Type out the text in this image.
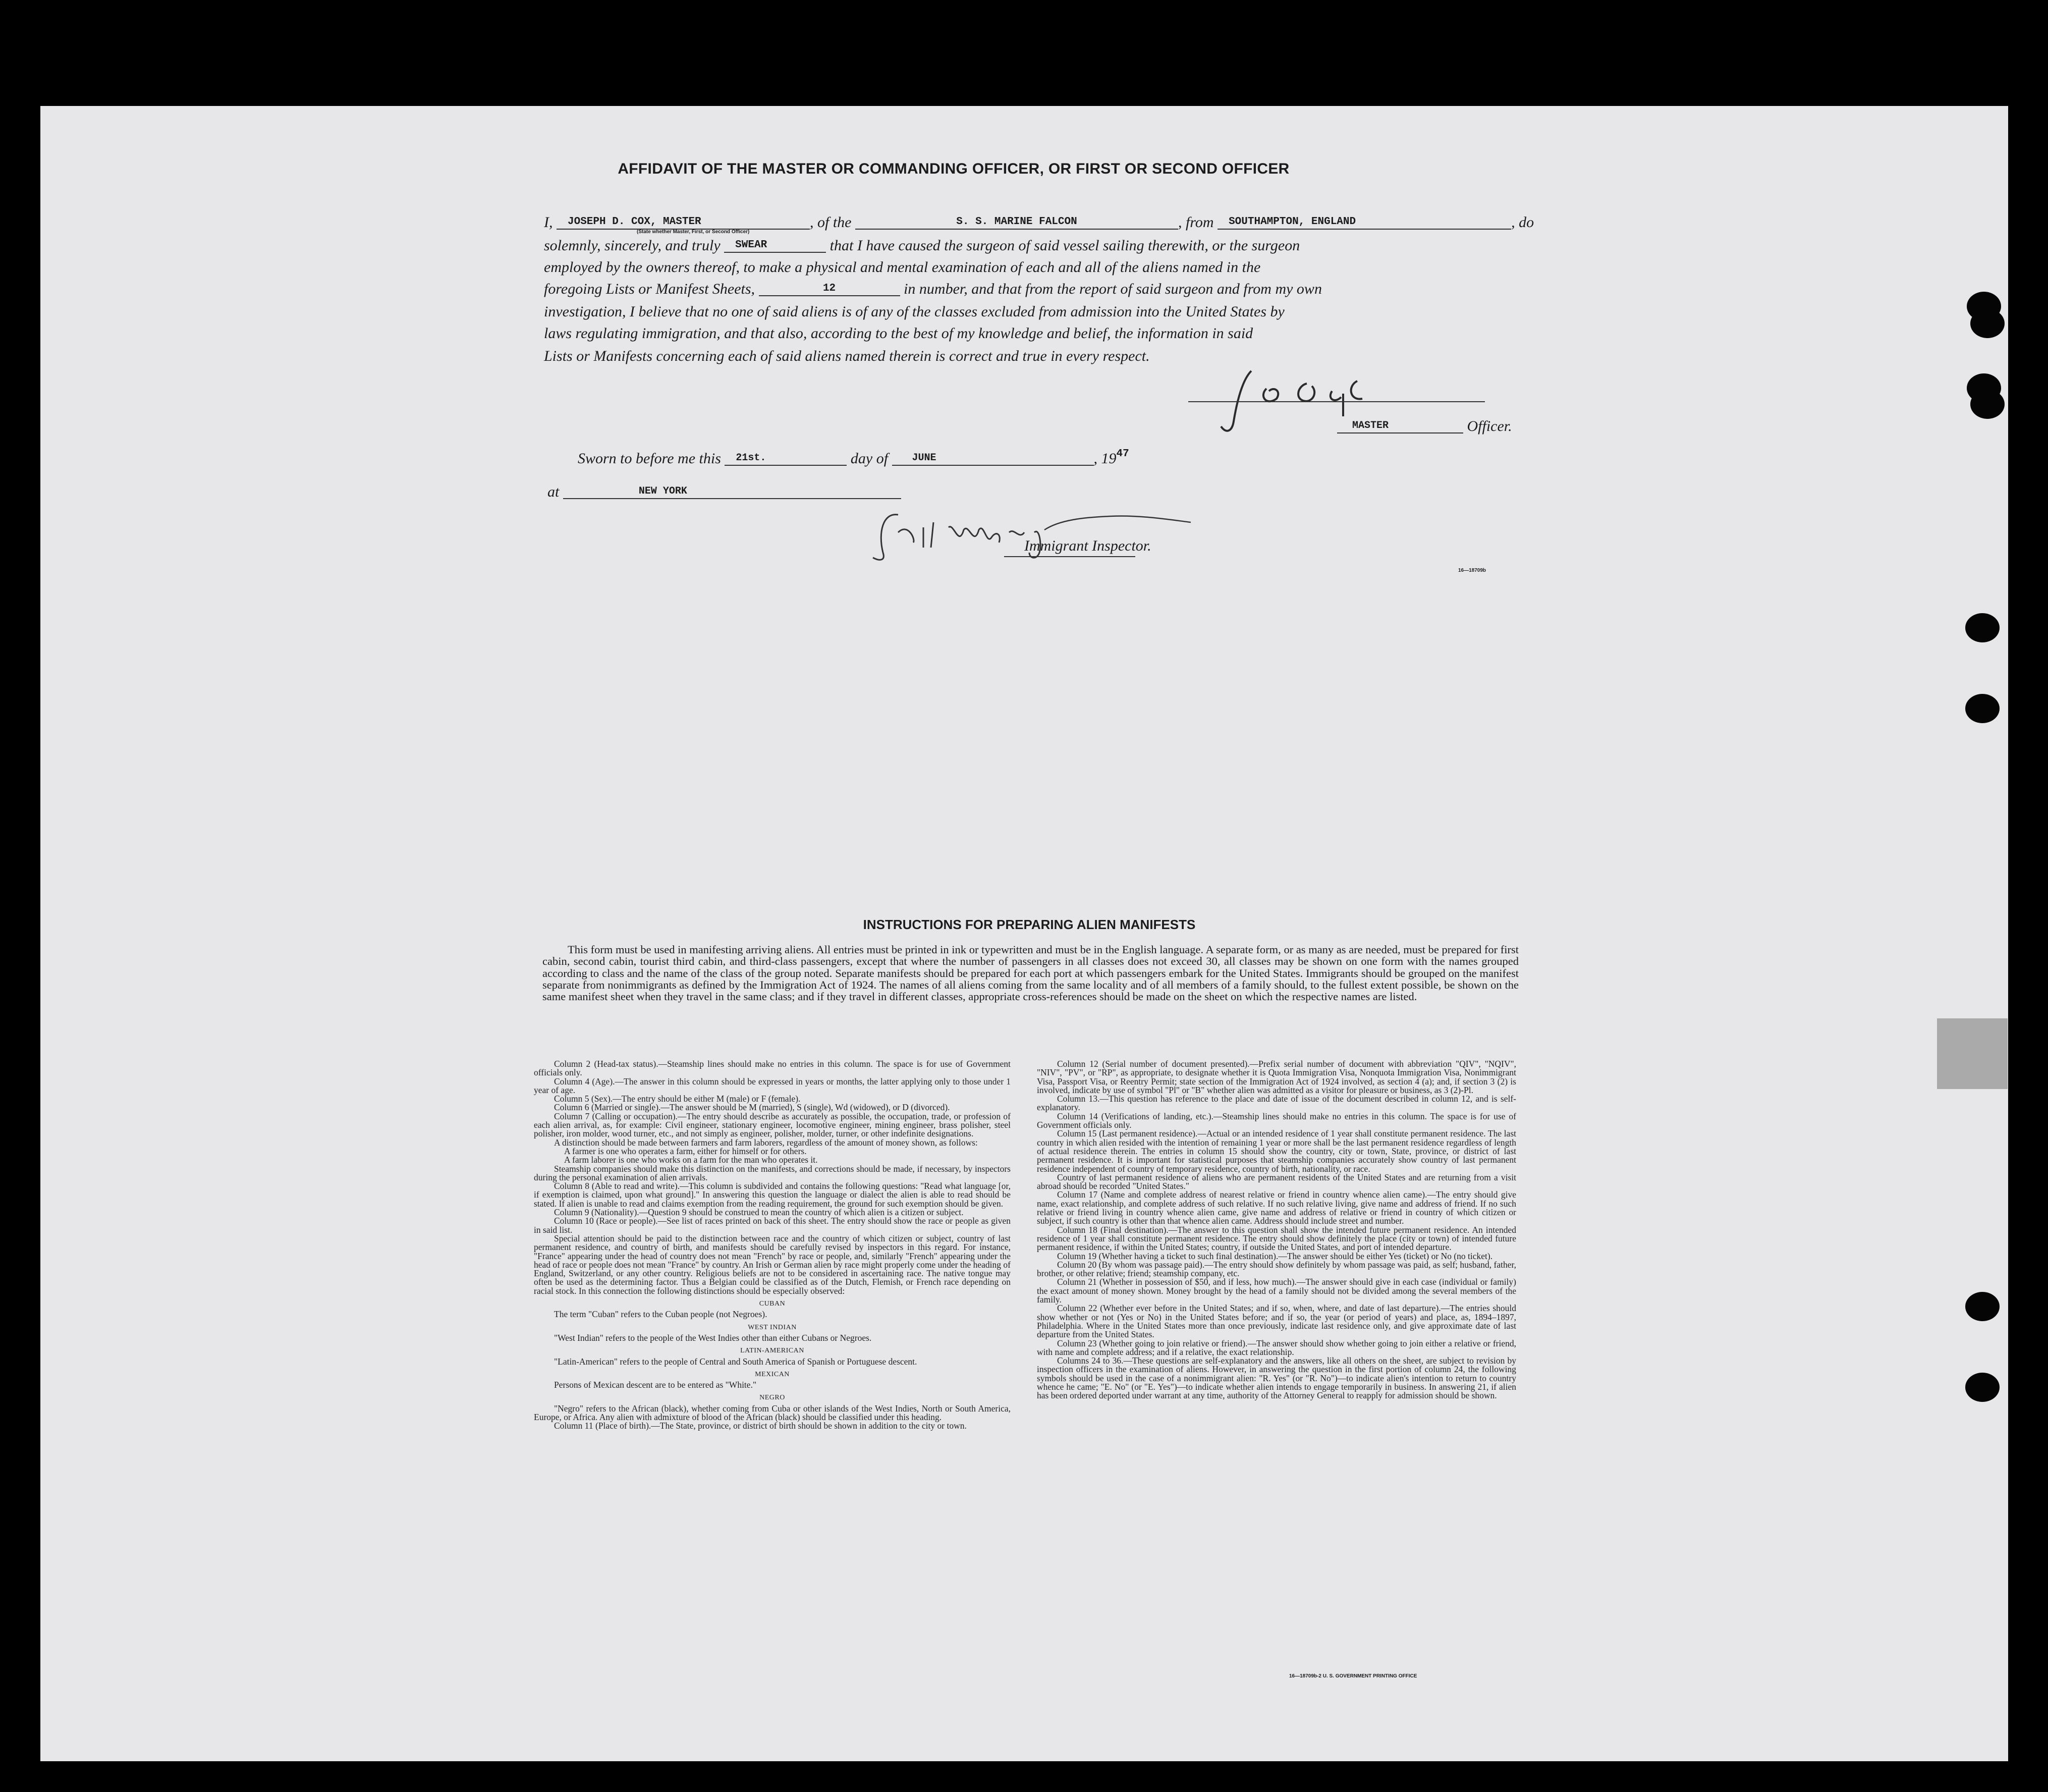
AFFIDAVIT OF THE MASTER OR COMMANDING OFFICER, OR FIRST OR SECOND OFFICER
I, JOSEPH D. COX, MASTER	, of the	S. S. MARINE FALCON	, from SOUTHAMPTON, ENGLAND	, do
(State whether Master, First, or Second Officer)
solemnly, sincerely, and truly SWEAR	that I have caused the surgeon of said vessel sailing therewith, or the surgeon
employed by the owners thereof, to make a physical and mental examination of each and all of the aliens named in the
foregoing Lists or Manifest Sheets,	12	in number, and that from the report of said surgeon and from my own
investigation, I believe that no one of said aliens is of any of the classes excluded from admission into the United States by
laws regulating immigration, and that also, according to the best of my knowledge and belief, the information in said
Lists or Manifests concerning each of said aliens named therein is correct and true in every respect.
MASTER	Officer.
Sworn to before me this 21st.	day of JUNE	, $19^{47}$
at	NEW YORK
Immigrant Inspector.
16—18709b
INSTRUCTIONS FOR PREPARING ALIEN MANIFESTS
This form must be used in manifesting arriving aliens. All entries must be printed in ink or typewritten and must be in the English language. A separate form, or as many as are needed, must be prepared for first cabin, second cabin, tourist third cabin, and third-class passengers, except that where the number of passengers in all classes does not exceed 30, all classes may be shown on one form with the names grouped according to class and the name of the class of the group noted. Separate manifests should be prepared for each port at which passengers embark for the United States. Immigrants should be grouped on the manifest separate from nonimmigrants as defined by the Immigration Act of 1924. The names of all aliens coming from the same locality and of all members of a family should, to the fullest extent possible, be shown on the same manifest sheet when they travel in the same class; and if they travel in different classes, appropriate cross-references should be made on the sheet on which the respective names are listed.

Column 2 (Head-tax status).—Steamship lines should make no entries in this column. The space is for use of Government officials only.

Column 4 (Age).—The answer in this column should be expressed in years or months, the latter applying only to those under 1 year of age.

Column 5 (Sex).—The entry should be either M (male) or F (female).

Column 6 (Married or single).—The answer should be M (married), S (single), Wd (widowed), or D (divorced).

Column 7 (Calling or occupation).—The entry should describe as accurately as possible, the occupation, trade, or profession of each alien arrival, as, for example: Civil engineer, stationary engineer, locomotive engineer, mining engineer, brass polisher, steel polisher, iron molder, wood turner, etc., and not simply as engineer, polisher, molder, turner, or other indefinite designations.

A distinction should be made between farmers and farm laborers, regardless of the amount of money shown, as follows:

A farmer is one who operates a farm, either for himself or for others.

A farm laborer is one who works on a farm for the man who operates it.

Steamship companies should make this distinction on the manifests, and corrections should be made, if necessary, by inspectors during the personal examination of alien arrivals.

Column 8 (Able to read and write).—This column is subdivided and contains the following questions: "Read what language [or, if exemption is claimed, upon what ground]." In answering this question the language or dialect the alien is able to read should be stated. If alien is unable to read and claims exemption from the reading requirement, the ground for such exemption should be given.

Column 9 (Nationality).—Question 9 should be construed to mean the country of which alien is a citizen or subject.

Column 10 (Race or people).—See list of races printed on back of this sheet. The entry should show the race or people as given in said list.

Special attention should be paid to the distinction between race and the country of which citizen or subject, country of last permanent residence, and country of birth, and manifests should be carefully revised by inspectors in this regard. For instance, "France" appearing under the head of country does not mean "French" by race or people, and, similarly "French" appearing under the head of race or people does not mean "France" by country. An Irish or German alien by race might properly come under the heading of England, Switzerland, or any other country. Religious beliefs are not to be considered in ascertaining race. The native tongue may often be used as the determining factor. Thus a Belgian could be classified as of the Dutch, Flemish, or French race depending on racial stock. In this connection the following distinctions should be especially observed:

CUBAN

The term "Cuban" refers to the Cuban people (not Negroes).

WEST INDIAN

"West Indian" refers to the people of the West Indies other than either Cubans or Negroes.

LATIN-AMERICAN

"Latin-American" refers to the people of Central and South America of Spanish or Portuguese descent.

MEXICAN

Persons of Mexican descent are to be entered as "White."

NEGRO

"Negro" refers to the African (black), whether coming from Cuba or other islands of the West Indies, North or South America, Europe, or Africa. Any alien with admixture of blood of the African (black) should be classified under this heading.

Column 11 (Place of birth).—The State, province, or district of birth should be shown in addition to the city or town.

Column 12 (Serial number of document presented).—Prefix serial number of document with abbreviation "QIV", "NQIV", "NIV", "PV", or "RP", as appropriate, to designate whether it is Quota Immigration Visa, Nonquota Immigration Visa, Nonimmigrant Visa, Passport Visa, or Reentry Permit; state section of the Immigration Act of 1924 involved, as section 4 (a); and, if section 3 (2) is involved, indicate by use of symbol "Pl" or "B" whether alien was admitted as a visitor for pleasure or business, as 3 (2)-Pl.

Column 13.—This question has reference to the place and date of issue of the document described in column 12, and is self-explanatory.

Column 14 (Verifications of landing, etc.).—Steamship lines should make no entries in this column. The space is for use of Government officials only.

Column 15 (Last permanent residence).—Actual or an intended residence of 1 year shall constitute permanent residence. The last country in which alien resided with the intention of remaining 1 year or more shall be the last permanent residence regardless of length of actual residence therein. The entries in column 15 should show the country, city or town, State, province, or district of last permanent residence. It is important for statistical purposes that steamship companies accurately show country of last permanent residence independent of country of temporary residence, country of birth, nationality, or race.

Country of last permanent residence of aliens who are permanent residents of the United States and are returning from a visit abroad should be recorded "United States."

Column 17 (Name and complete address of nearest relative or friend in country whence alien came).—The entry should give name, exact relationship, and complete address of such relative. If no such relative living, give name and address of friend. If no such relative or friend living in country whence alien came, give name and address of relative or friend in country of which citizen or subject, if such country is other than that whence alien came. Address should include street and number.

Column 18 (Final destination).—The answer to this question shall show the intended future permanent residence. An intended residence of 1 year shall constitute permanent residence. The entry should show definitely the place (city or town) of intended future permanent residence, if within the United States; country, if outside the United States, and port of intended departure.

Column 19 (Whether having a ticket to such final destination).—The answer should be either Yes (ticket) or No (no ticket).

Column 20 (By whom was passage paid).—The entry should show definitely by whom passage was paid, as self; husband, father, brother, or other relative; friend; steamship company, etc.

Column 21 (Whether in possession of $50, and if less, how much).—The answer should give in each case (individual or family) the exact amount of money shown. Money brought by the head of a family should not be divided among the several members of the family.

Column 22 (Whether ever before in the United States; and if so, when, where, and date of last departure).—The entries should show whether or not (Yes or No) in the United States before; and if so, the year (or period of years) and place, as, 1894–1897, Philadelphia. Where in the United States more than once previously, indicate last residence only, and give approximate date of last departure from the United States.

Column 23 (Whether going to join relative or friend).—The answer should show whether going to join either a relative or friend, with name and complete address; and if a relative, the exact relationship.

Columns 24 to 36.—These questions are self-explanatory and the answers, like all others on the sheet, are subject to revision by inspection officers in the examination of aliens. However, in answering the question in the first portion of column 24, the following symbols should be used in the case of a nonimmigrant alien: "R. Yes" (or "R. No")—to indicate alien's intention to return to country whence he came; "E. No" (or "E. Yes")—to indicate whether alien intends to engage temporarily in business. In answering 21, if alien has been ordered deported under warrant at any time, authority of the Attorney General to reapply for admission should be shown.

16—18709b-2 U. S. GOVERNMENT PRINTING OFFICE
